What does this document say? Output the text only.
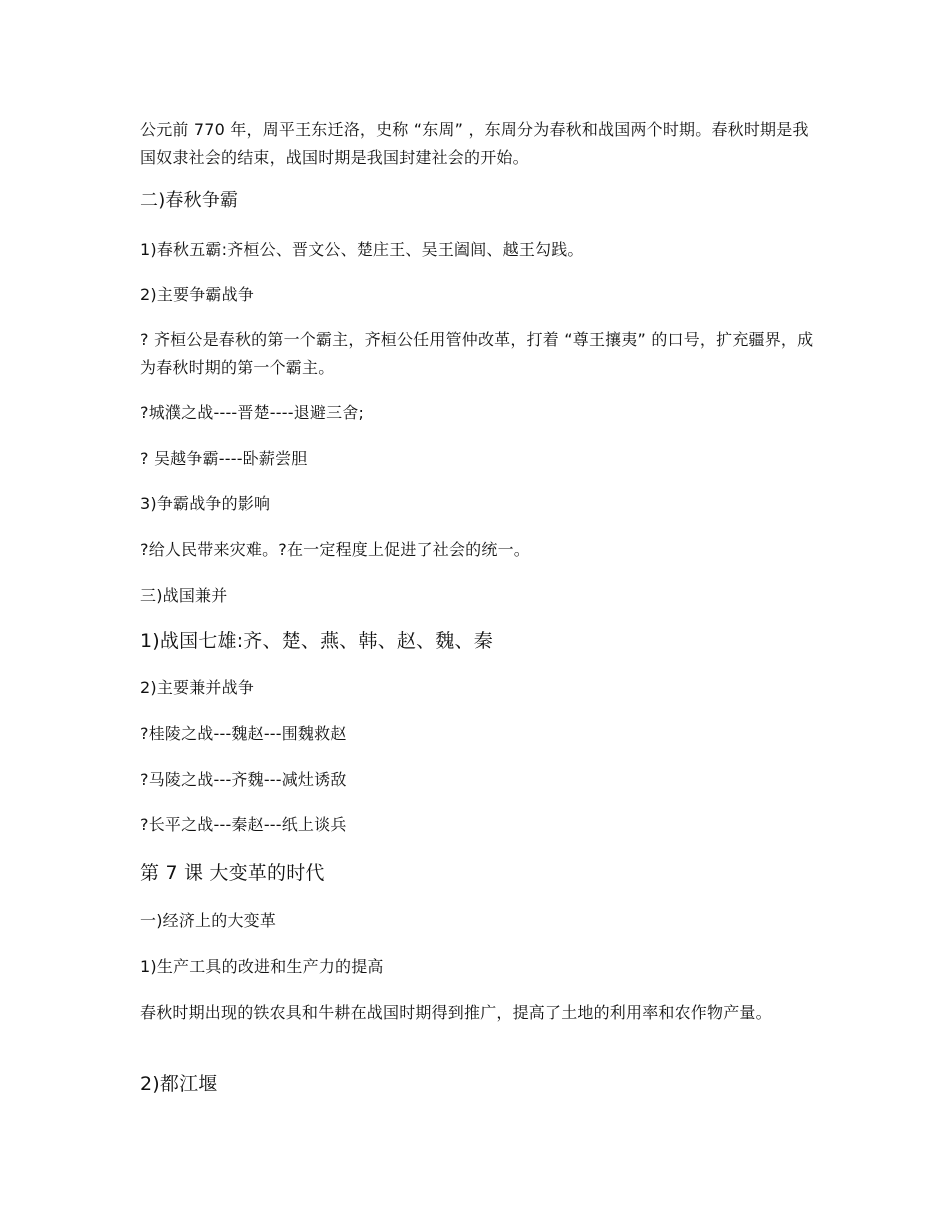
公元前 770 年，周平王东迁洛，史称 “东周” ，东周分为春秋和战国两个时期。春秋时期是我国奴隶社会的结束，战国时期是我国封建社会的开始。
二)春秋争霸
1)春秋五霸:齐桓公、晋文公、楚庄王、吴王阖闾、越王勾践。
2)主要争霸战争
? 齐桓公是春秋的第一个霸主，齐桓公任用管仲改革，打着 “尊王攘夷” 的口号，扩充疆界，成为春秋时期的第一个霸主。
?城濮之战----晋楚----退避三舍;
? 吴越争霸----卧薪尝胆
3)争霸战争的影响
?给人民带来灾难。?在一定程度上促进了社会的统一。
三)战国兼并
1)战国七雄:齐、楚、燕、韩、赵、魏、秦
2)主要兼并战争
?桂陵之战---魏赵---围魏救赵
?马陵之战---齐魏---减灶诱敌
?长平之战---秦赵---纸上谈兵
第 7 课 大变革的时代
一)经济上的大变革
1)生产工具的改进和生产力的提高
春秋时期出现的铁农具和牛耕在战国时期得到推广，提高了土地的利用率和农作物产量。
2)都江堰
